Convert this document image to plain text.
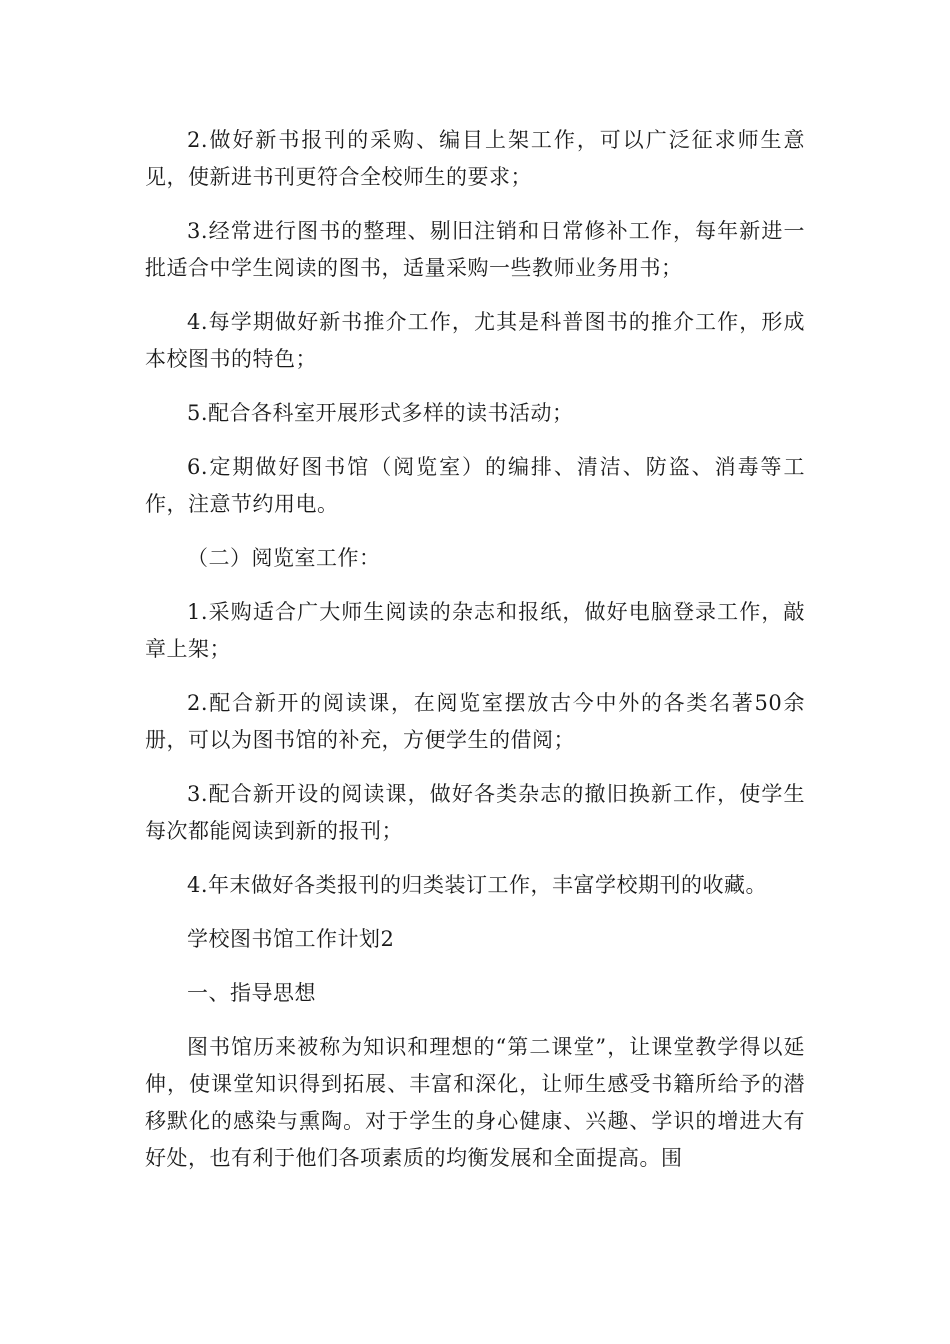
2.做好新书报刊的采购、编目上架工作，可以广泛征求师生意见，使新进书刊更符合全校师生的要求；

3.经常进行图书的整理、剔旧注销和日常修补工作，每年新进一批适合中学生阅读的图书，适量采购一些教师业务用书；

4.每学期做好新书推介工作，尤其是科普图书的推介工作，形成本校图书的特色；

5.配合各科室开展形式多样的读书活动；

6.定期做好图书馆（阅览室）的编排、清洁、防盗、消毒等工作，注意节约用电。

（二）阅览室工作：

1.采购适合广大师生阅读的杂志和报纸，做好电脑登录工作，敲章上架；

2.配合新开的阅读课，在阅览室摆放古今中外的各类名著50余册，可以为图书馆的补充，方便学生的借阅；

3.配合新开设的阅读课，做好各类杂志的撤旧换新工作，使学生每次都能阅读到新的报刊；

4.年末做好各类报刊的归类装订工作，丰富学校期刊的收藏。

学校图书馆工作计划2

一、指导思想

图书馆历来被称为知识和理想的“第二课堂”，让课堂教学得以延伸，使课堂知识得到拓展、丰富和深化，让师生感受书籍所给予的潜移默化的感染与熏陶。对于学生的身心健康、兴趣、学识的增进大有好处，也有利于他们各项素质的均衡发展和全面提高。围
